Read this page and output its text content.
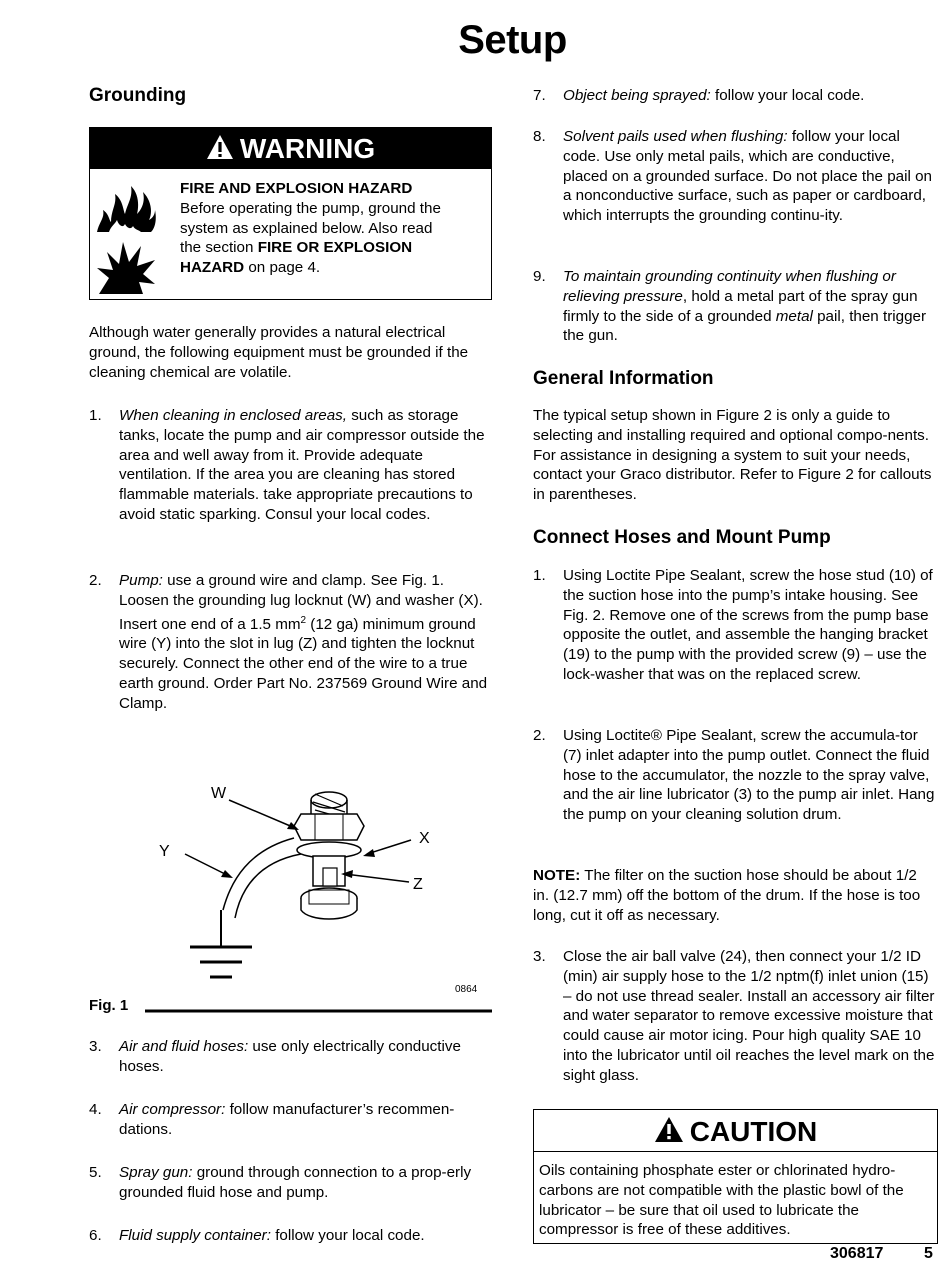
Setup
Grounding
WARNING
FIRE AND EXPLOSION HAZARD
Before operating the pump, ground the
system as explained below. Also read
the section FIRE OR EXPLOSION
HAZARD on page 4.
Although water generally provides a natural electrical ground, the following equipment must be grounded if the cleaning chemical are volatile.
1. When cleaning in enclosed areas, such as storage tanks, locate the pump and air compressor outside the area and well away from it. Provide adequate ventilation. If the area you are cleaning has stored flammable materials. take appropriate precautions to avoid static sparking. Consul your local codes.
2. Pump: use a ground wire and clamp. See Fig. 1. Loosen the grounding lug locknut (W) and washer (X). Insert one end of a 1.5 $mm^2$ (12 ga) minimum ground wire (Y) into the slot in lug (Z) and tighten the locknut securely. Connect the other end of the wire to a true earth ground. Order Part No. 237569 Ground Wire and Clamp.
W
Y
X
Z
0864
Fig. 1
3. Air and fluid hoses: use only electrically conductive hoses.
4. Air compressor: follow manufacturer’s recommen-dations.
5. Spray gun: ground through connection to a prop-erly grounded fluid hose and pump.
6. Fluid supply container: follow your local code.
7. Object being sprayed: follow your local code.
8. Solvent pails used when flushing: follow your local code. Use only metal pails, which are conductive, placed on a grounded surface. Do not place the pail on a nonconductive surface, such as paper or cardboard, which interrupts the grounding continu-ity.
9. To maintain grounding continuity when flushing or relieving pressure, hold a metal part of the spray gun firmly to the side of a grounded metal pail, then trigger the gun.
General Information
The typical setup shown in Figure 2 is only a guide to selecting and installing required and optional compo-nents. For assistance in designing a system to suit your needs, contact your Graco distributor. Refer to Figure 2 for callouts in parentheses.
Connect Hoses and Mount Pump
1. Using Loctite Pipe Sealant, screw the hose stud (10) of the suction hose into the pump’s intake housing. See Fig. 2. Remove one of the screws from the pump base opposite the outlet, and assemble the hanging bracket (19) to the pump with the provided screw (9) – use the lock-washer that was on the replaced screw.
2. Using Loctite® Pipe Sealant, screw the accumula-tor (7) inlet adapter into the pump outlet. Connect the fluid hose to the accumulator, the nozzle to the spray valve, and the air line lubricator (3) to the pump air inlet. Hang the pump on your cleaning solution drum.
NOTE: The filter on the suction hose should be about 1/2 in. (12.7 mm) off the bottom of the drum. If the hose is too long, cut it off as necessary.
3. Close the air ball valve (24), then connect your 1/2 ID (min) air supply hose to the 1/2 nptm(f) inlet union (15) – do not use thread sealer. Install an accessory air filter and water separator to remove excessive moisture that could cause air motor icing. Pour high quality SAE 10 into the lubricator until oil reaches the level mark on the sight glass.
CAUTION
Oils containing phosphate ester or chlorinated hydro-carbons are not compatible with the plastic bowl of the lubricator – be sure that oil used to lubricate the compressor is free of these additives.
306817	5
